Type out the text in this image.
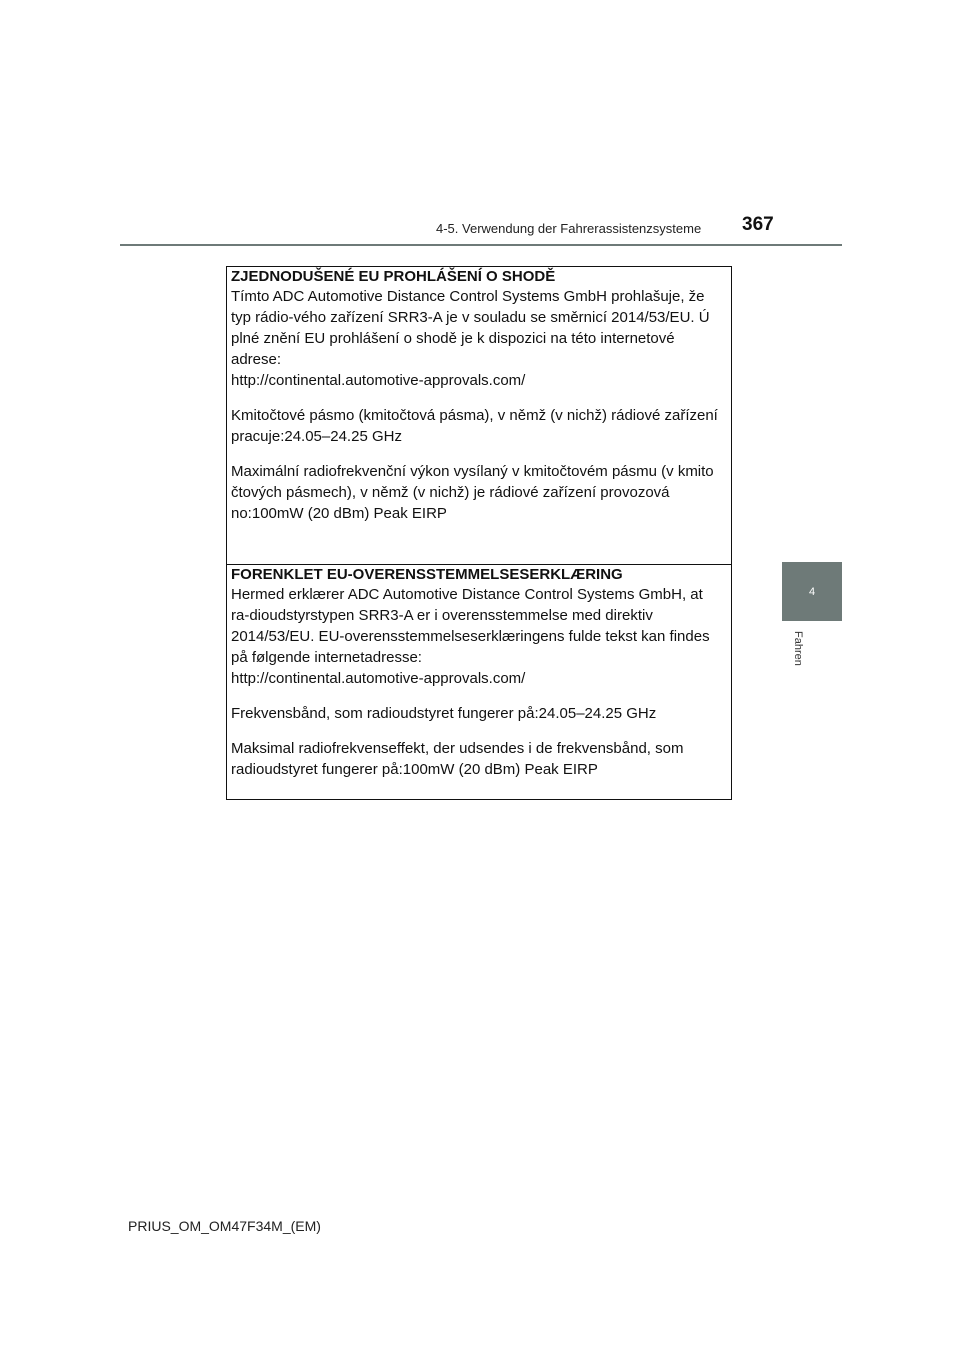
4-5. Verwendung der Fahrerassistenzsysteme 367
4
Fahren
ZJEDNODUŠENÉ EU PROHLÁŠENÍ O SHODĚ

Tímto ADC Automotive Distance Control Systems GmbH prohlašuje, že
typ rádio-vého zařízení SRR3-A je v souladu se směrnicí 2014/53/EU. Ú
plné znění EU prohlášení o shodě je k dispozici na této internetové
adrese:
http://continental.automotive-approvals.com/

Kmitočtové pásmo (kmitočtová pásma), v němž (v nichž) rádiové zařízení
pracuje:24.05–24.25 GHz

Maximální radiofrekvenční výkon vysílaný v kmitočtovém pásmu (v kmito
čtových pásmech), v němž (v nichž) je rádiové zařízení provozová
no:100mW (20 dBm) Peak EIRP

FORENKLET EU-OVERENSSTEMMELSESERKLÆRING

Hermed erklærer ADC Automotive Distance Control Systems GmbH, at
ra-dioudstyrstypen SRR3-A er i overensstemmelse med direktiv
2014/53/EU. EU-overensstemmelseserklæringens fulde tekst kan findes
på følgende internetadresse:
http://continental.automotive-approvals.com/

Frekvensbånd, som radioudstyret fungerer på:24.05–24.25 GHz

Maksimal radiofrekvenseffekt, der udsendes i de frekvensbånd, som
radioudstyret fungerer på:100mW (20 dBm) Peak EIRP

PRIUS_OM_OM47F34M_(EM)
